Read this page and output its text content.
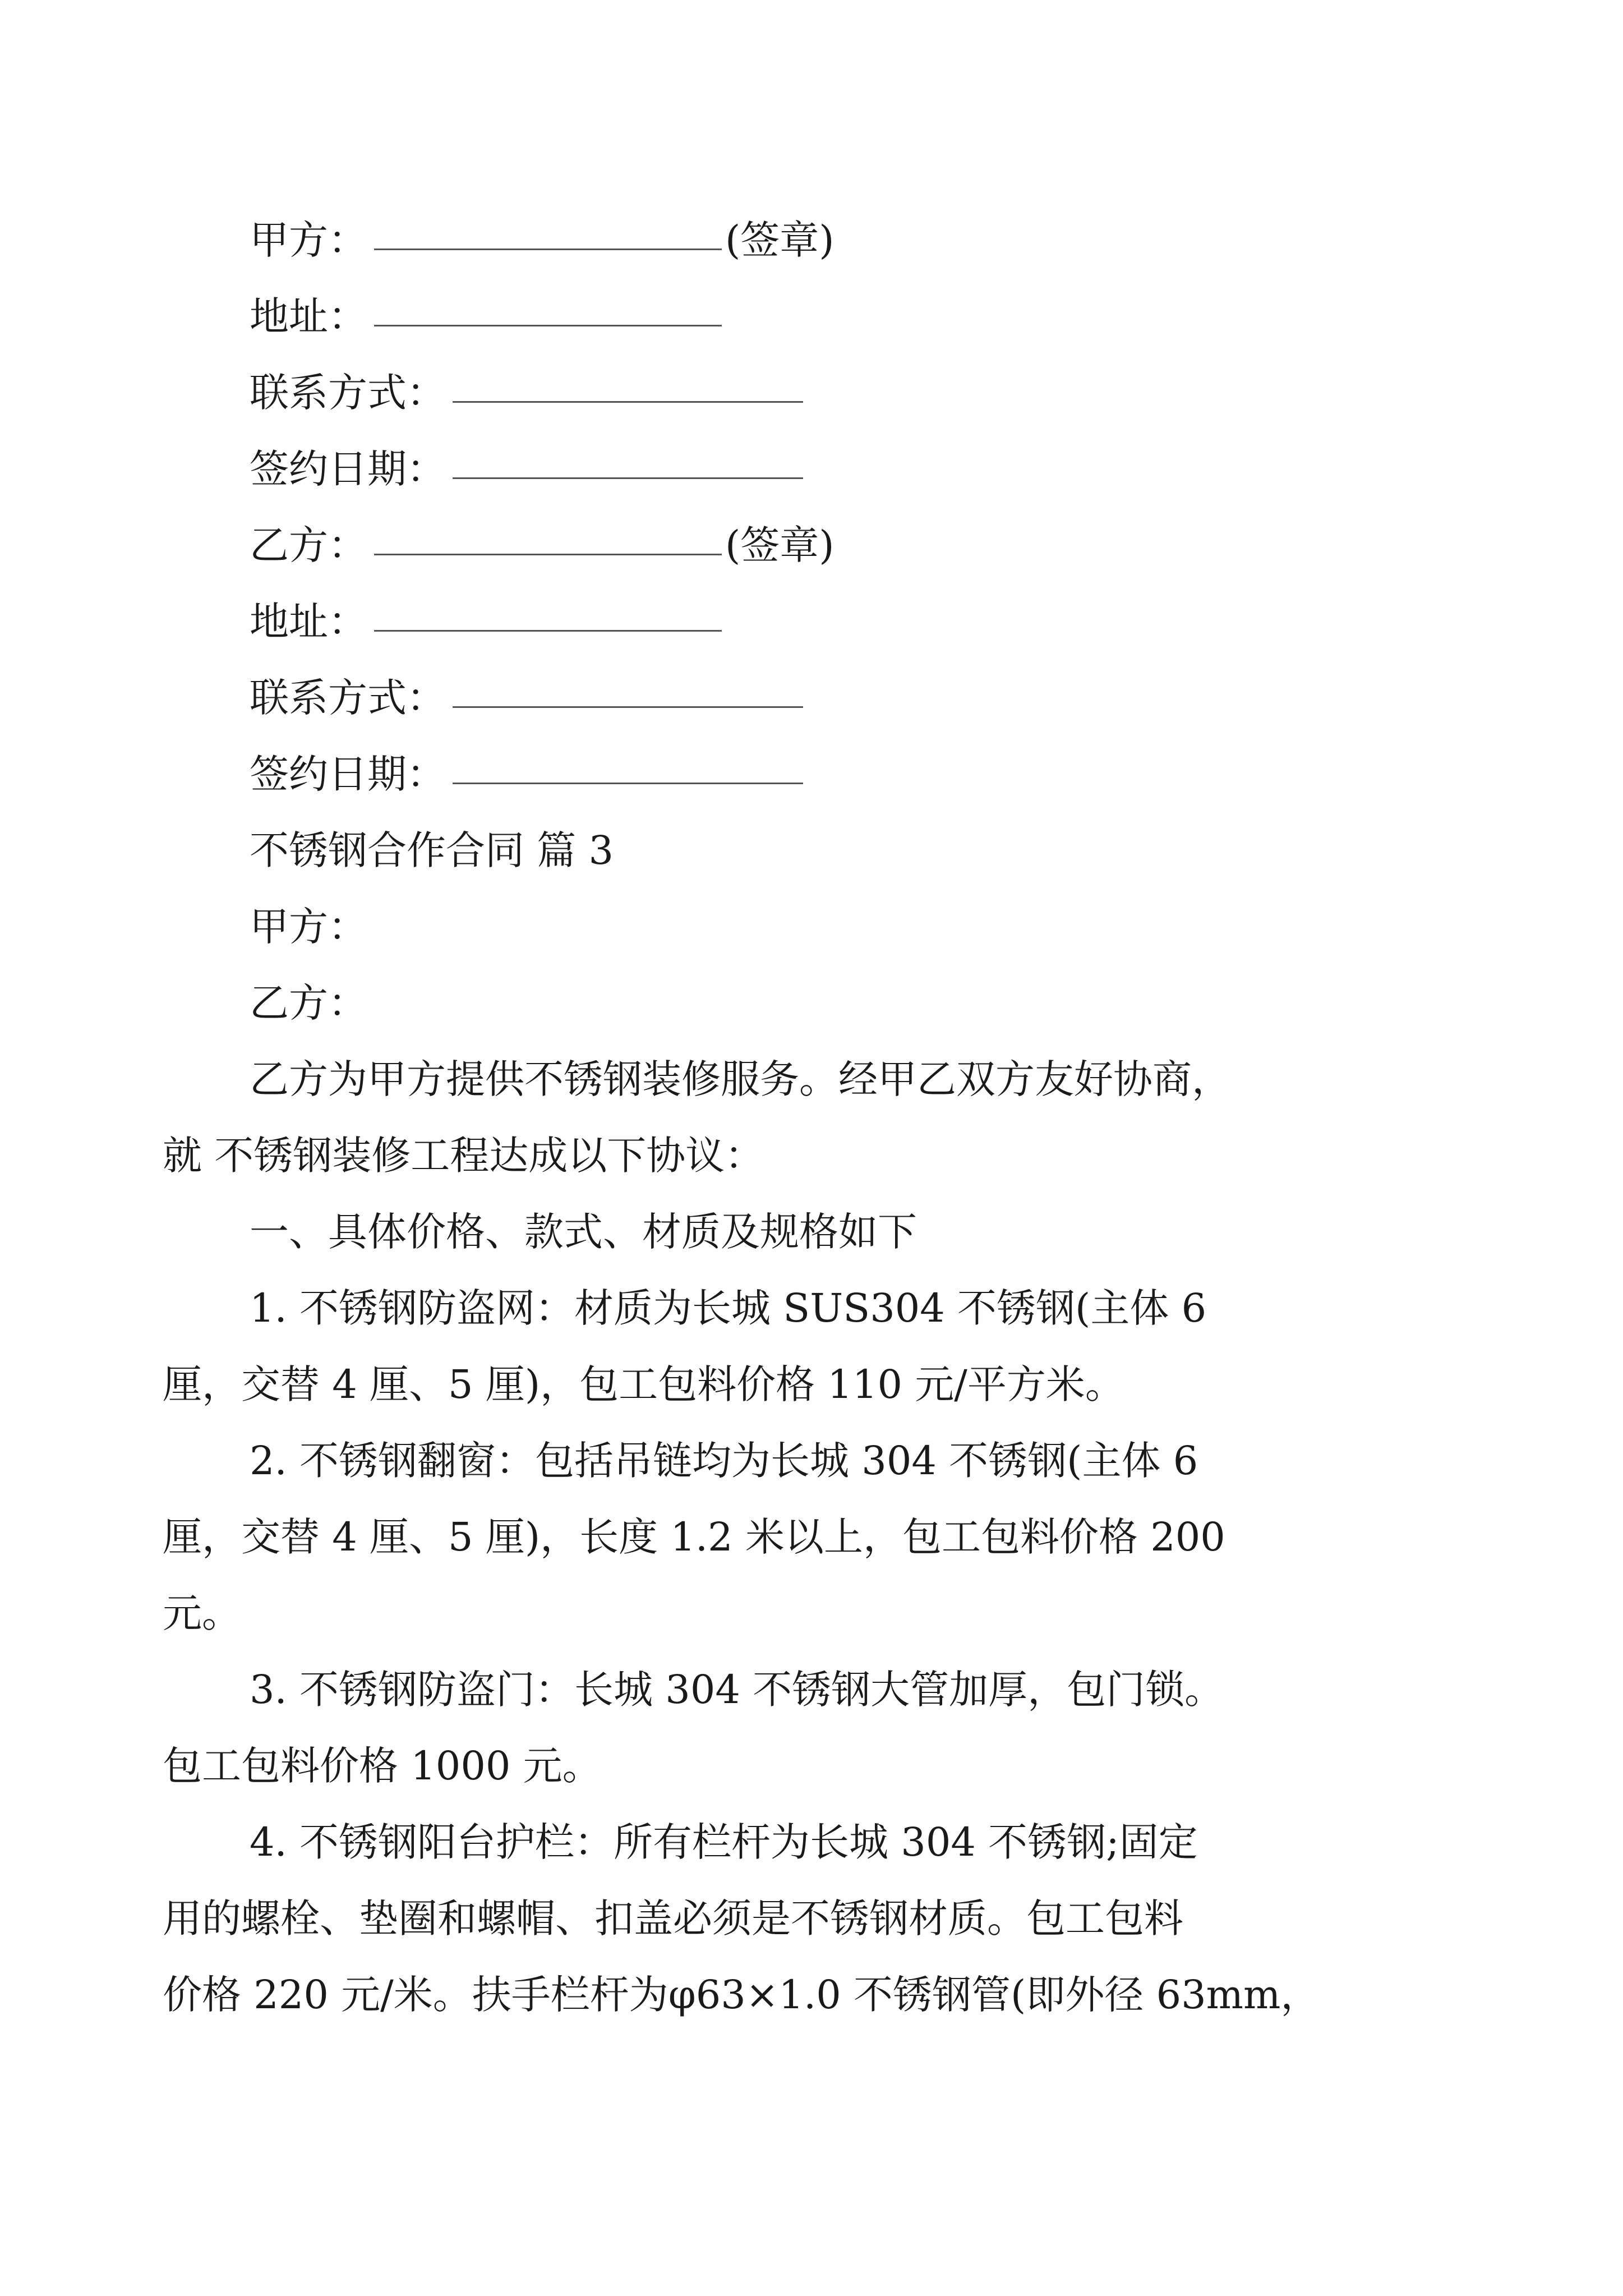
甲方：	(签章)
地址：
联系方式：
签约日期：
乙方：	(签章)
地址：
联系方式：
签约日期：
不锈钢合作合同 篇 3
甲方：
乙方：
乙方为甲方提供不锈钢装修服务。经甲乙双方友好协商，
就 不锈钢装修工程达成以下协议：
一、具体价格、款式、材质及规格如下
1. 不锈钢防盗网：材质为长城 SUS304 不锈钢(主体 6
厘，交替 4 厘、5 厘)，包工包料价格 110 元/平方米。
2. 不锈钢翻窗：包括吊链均为长城 304 不锈钢(主体 6
厘，交替 4 厘、5 厘)，长度 1.2 米以上，包工包料价格 200
元。
3. 不锈钢防盗门：长城 304 不锈钢大管加厚，包门锁。
包工包料价格 1000 元。
4. 不锈钢阳台护栏：所有栏杆为长城 304 不锈钢;固定
用的螺栓、垫圈和螺帽、扣盖必须是不锈钢材质。包工包料
价格 220 元/米。扶手栏杆为φ63×1.0 不锈钢管(即外径 63mm，
